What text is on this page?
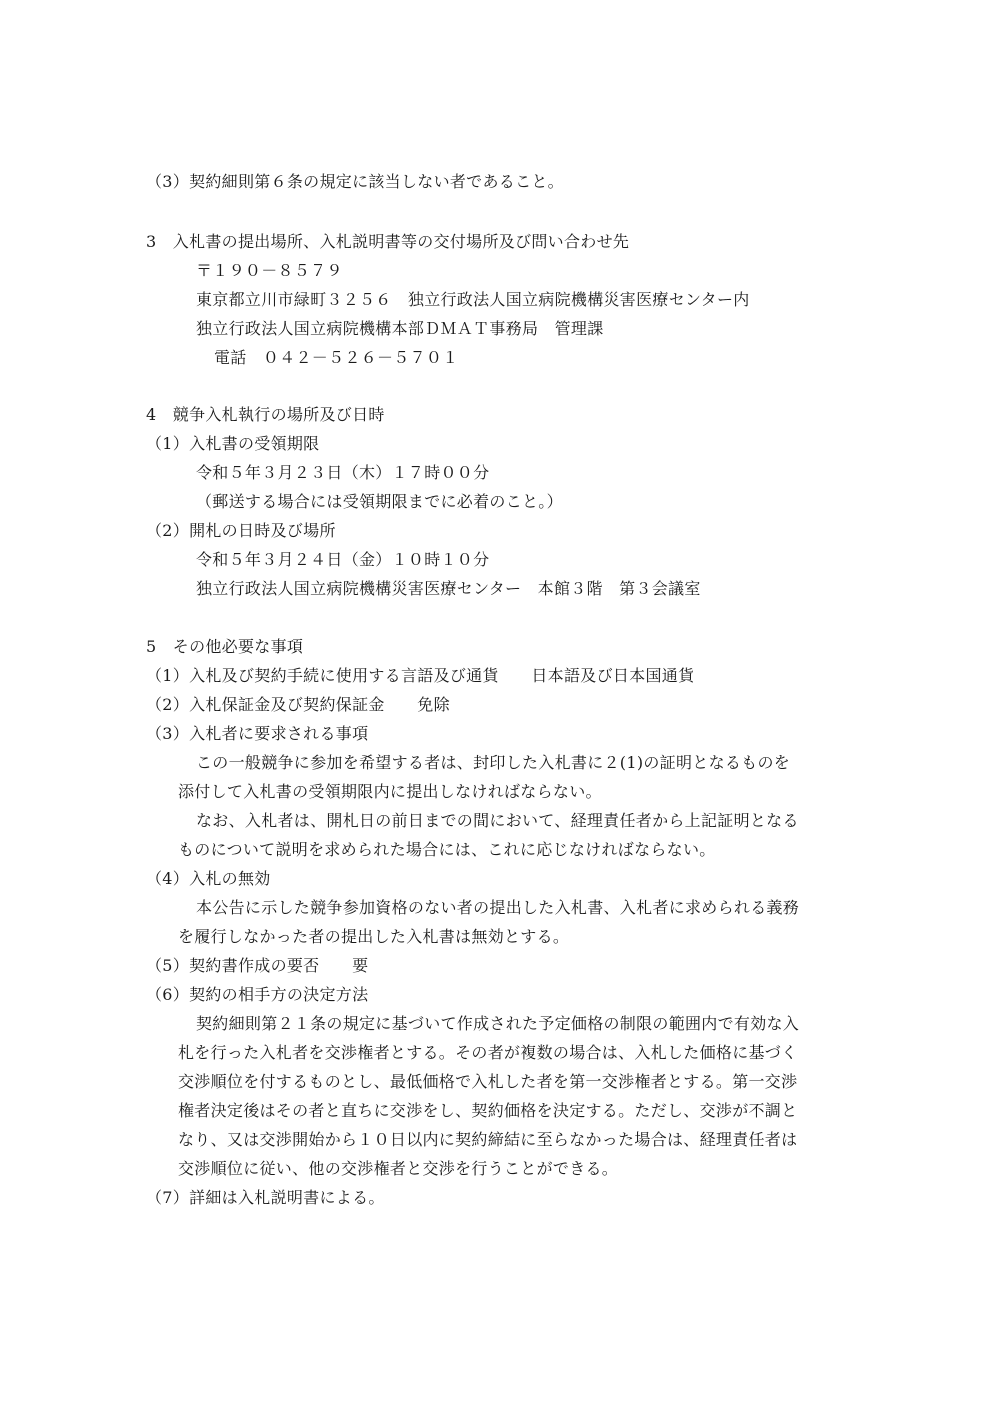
（3）契約細則第６条の規定に該当しない者であること。
3　入札書の提出場所、入札説明書等の交付場所及び問い合わせ先
〒１９０－８５７９
東京都立川市緑町３２５６　独立行政法人国立病院機構災害医療センター内
独立行政法人国立病院機構本部ＤＭＡＴ事務局　管理課
電話　０４２－５２６－５７０１
4　競争入札執行の場所及び日時
（1）入札書の受領期限
令和５年３月２３日（木）１７時００分
（郵送する場合には受領期限までに必着のこと。）
（2）開札の日時及び場所
令和５年３月２４日（金）１０時１０分
独立行政法人国立病院機構災害医療センター　本館３階　第３会議室
5　その他必要な事項
（1）入札及び契約手続に使用する言語及び通貨　　日本語及び日本国通貨
（2）入札保証金及び契約保証金　　免除
（3）入札者に要求される事項
この一般競争に参加を希望する者は、封印した入札書に２(1)の証明となるものを
添付して入札書の受領期限内に提出しなければならない。
なお、入札者は、開札日の前日までの間において、経理責任者から上記証明となる
ものについて説明を求められた場合には、これに応じなければならない。
（4）入札の無効
本公告に示した競争参加資格のない者の提出した入札書、入札者に求められる義務
を履行しなかった者の提出した入札書は無効とする。
（5）契約書作成の要否　　要
（6）契約の相手方の決定方法
契約細則第２１条の規定に基づいて作成された予定価格の制限の範囲内で有効な入
札を行った入札者を交渉権者とする。その者が複数の場合は、入札した価格に基づく
交渉順位を付するものとし、最低価格で入札した者を第一交渉権者とする。第一交渉
権者決定後はその者と直ちに交渉をし、契約価格を決定する。ただし、交渉が不調と
なり、又は交渉開始から１０日以内に契約締結に至らなかった場合は、経理責任者は
交渉順位に従い、他の交渉権者と交渉を行うことができる。
（7）詳細は入札説明書による。
